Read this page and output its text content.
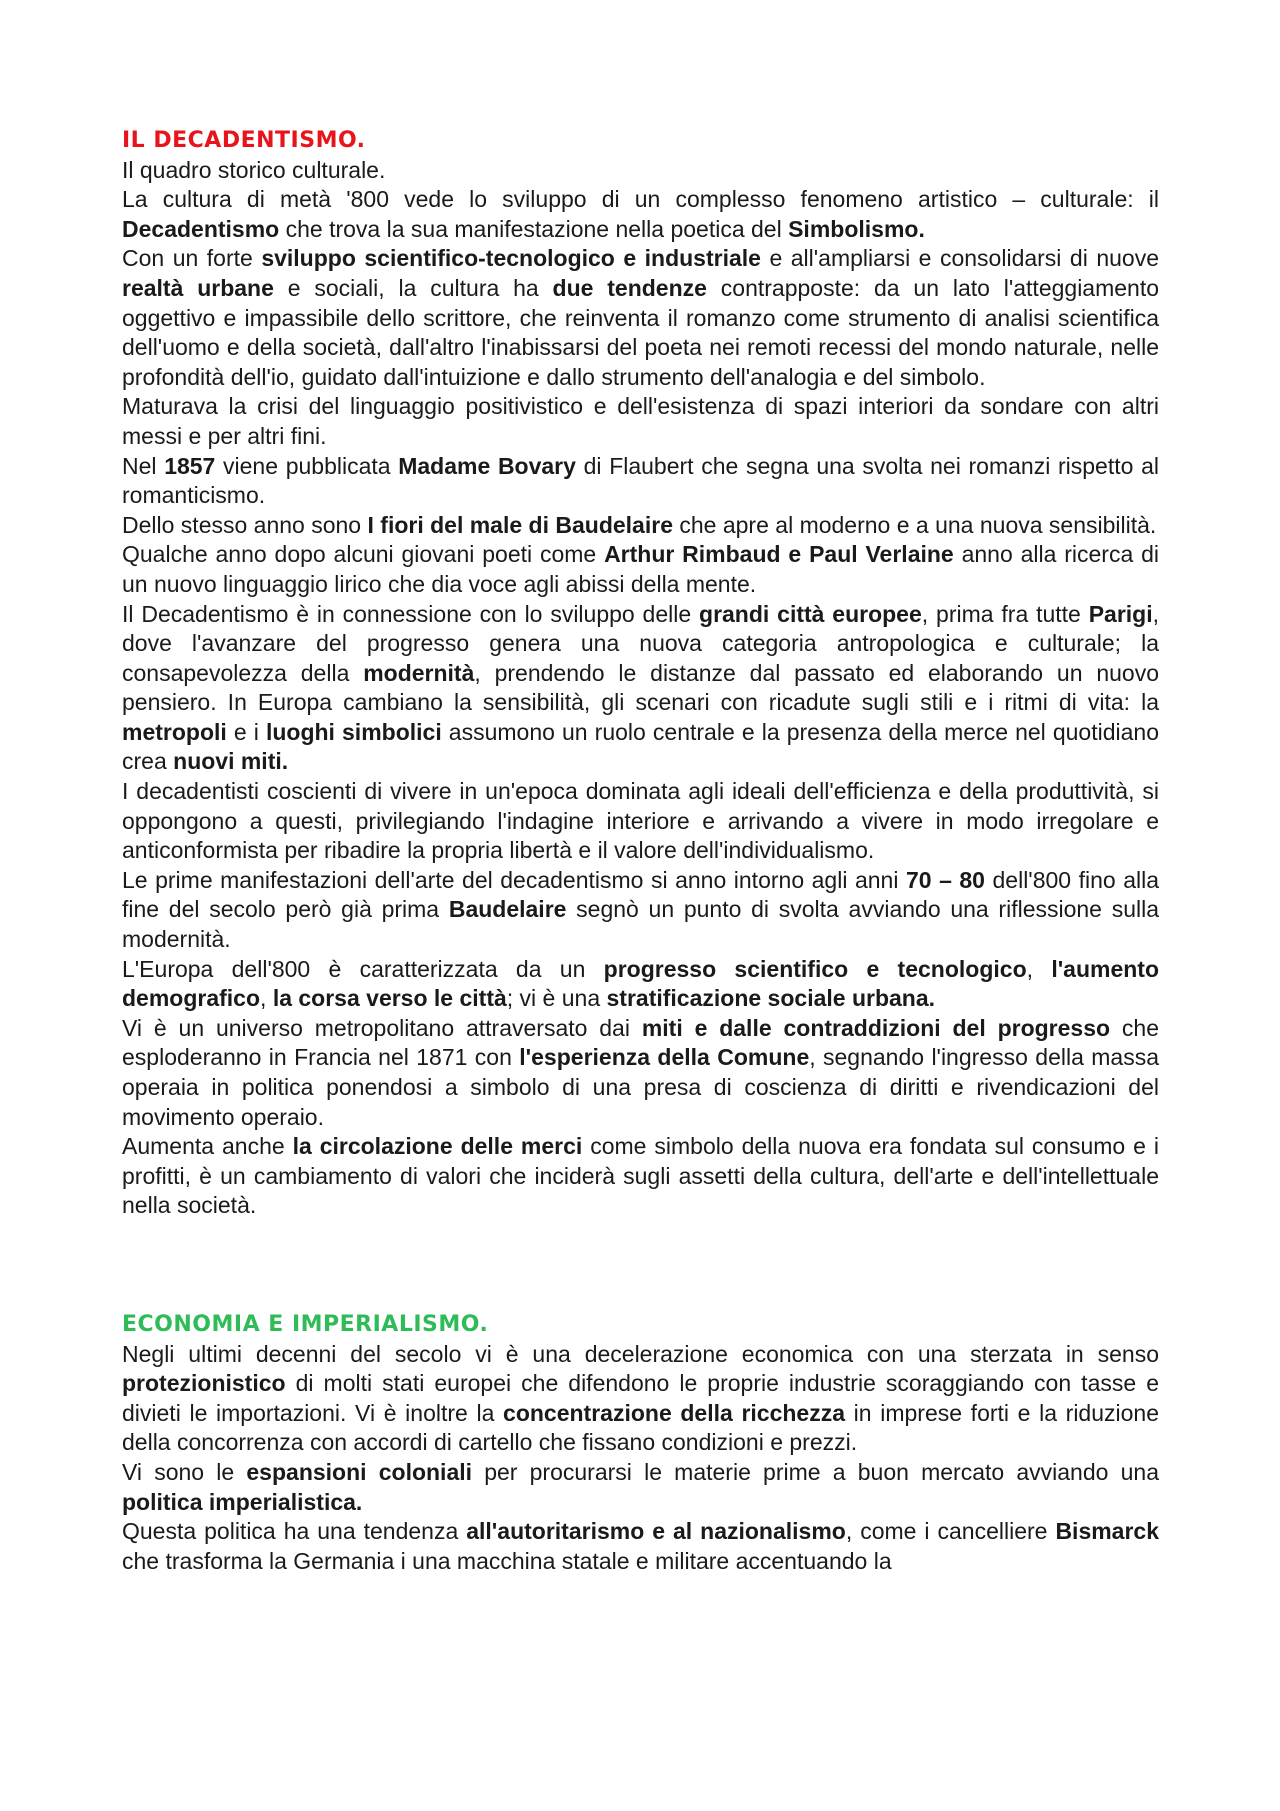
IL DECADENTISMO.
Il quadro storico culturale.

La cultura di metà '800 vede lo sviluppo di un complesso fenomeno artistico – culturale: il Decadentismo che trova la sua manifestazione nella poetica del Simbolismo.

Con un forte sviluppo scientifico-tecnologico e industriale e all'ampliarsi e consolidarsi di nuove realtà urbane e sociali, la cultura ha due tendenze contrapposte: da un lato l'atteggiamento oggettivo e impassibile dello scrittore, che reinventa il romanzo come strumento di analisi scientifica dell'uomo e della società, dall'altro l'inabissarsi del poeta nei remoti recessi del mondo naturale, nelle profondità dell'io, guidato dall'intuizione e dallo strumento dell'analogia e del simbolo.

Maturava la crisi del linguaggio positivistico e dell'esistenza di spazi interiori da sondare con altri messi e per altri fini.

Nel 1857 viene pubblicata Madame Bovary di Flaubert che segna una svolta nei romanzi rispetto al romanticismo.

Dello stesso anno sono I fiori del male di Baudelaire che apre al moderno e a una nuova sensibilità.

Qualche anno dopo alcuni giovani poeti come Arthur Rimbaud e Paul Verlaine anno alla ricerca di un nuovo linguaggio lirico che dia voce agli abissi della mente.

Il Decadentismo è in connessione con lo sviluppo delle grandi città europee, prima fra tutte Parigi, dove l'avanzare del progresso genera una nuova categoria antropologica e culturale; la consapevolezza della modernità, prendendo le distanze dal passato ed elaborando un nuovo pensiero. In Europa cambiano la sensibilità, gli scenari con ricadute sugli stili e i ritmi di vita: la metropoli e i luoghi simbolici assumono un ruolo centrale e la presenza della merce nel quotidiano crea nuovi miti.

I decadentisti coscienti di vivere in un'epoca dominata agli ideali dell'efficienza e della produttività, si oppongono a questi, privilegiando l'indagine interiore e arrivando a vivere in modo irregolare e anticonformista per ribadire la propria libertà e il valore dell'individualismo.

Le prime manifestazioni dell'arte del decadentismo si anno intorno agli anni 70 – 80 dell'800 fino alla fine del secolo però già prima Baudelaire segnò un punto di svolta avviando una riflessione sulla modernità.

L'Europa dell'800 è caratterizzata da un progresso scientifico e tecnologico, l'aumento demografico, la corsa verso le città; vi è una stratificazione sociale urbana.

Vi è un universo metropolitano attraversato dai miti e dalle contraddizioni del progresso che esploderanno in Francia nel 1871 con l'esperienza della Comune, segnando l'ingresso della massa operaia in politica ponendosi a simbolo di una presa di coscienza di diritti e rivendicazioni del movimento operaio.

Aumenta anche la circolazione delle merci come simbolo della nuova era fondata sul consumo e i profitti, è un cambiamento di valori che inciderà sugli assetti della cultura, dell'arte e dell'intellettuale nella società.

ECONOMIA E IMPERIALISMO.

Negli ultimi decenni del secolo vi è una decelerazione economica con una sterzata in senso protezionistico di molti stati europei che difendono le proprie industrie scoraggiando con tasse e divieti le importazioni. Vi è inoltre la concentrazione della ricchezza in imprese forti e la riduzione della concorrenza con accordi di cartello che fissano condizioni e prezzi.

Vi sono le espansioni coloniali per procurarsi le materie prime a buon mercato avviando una politica imperialistica.

Questa politica ha una tendenza all'autoritarismo e al nazionalismo, come i cancelliere Bismarck che trasforma la Germania i una macchina statale e militare accentuando la
